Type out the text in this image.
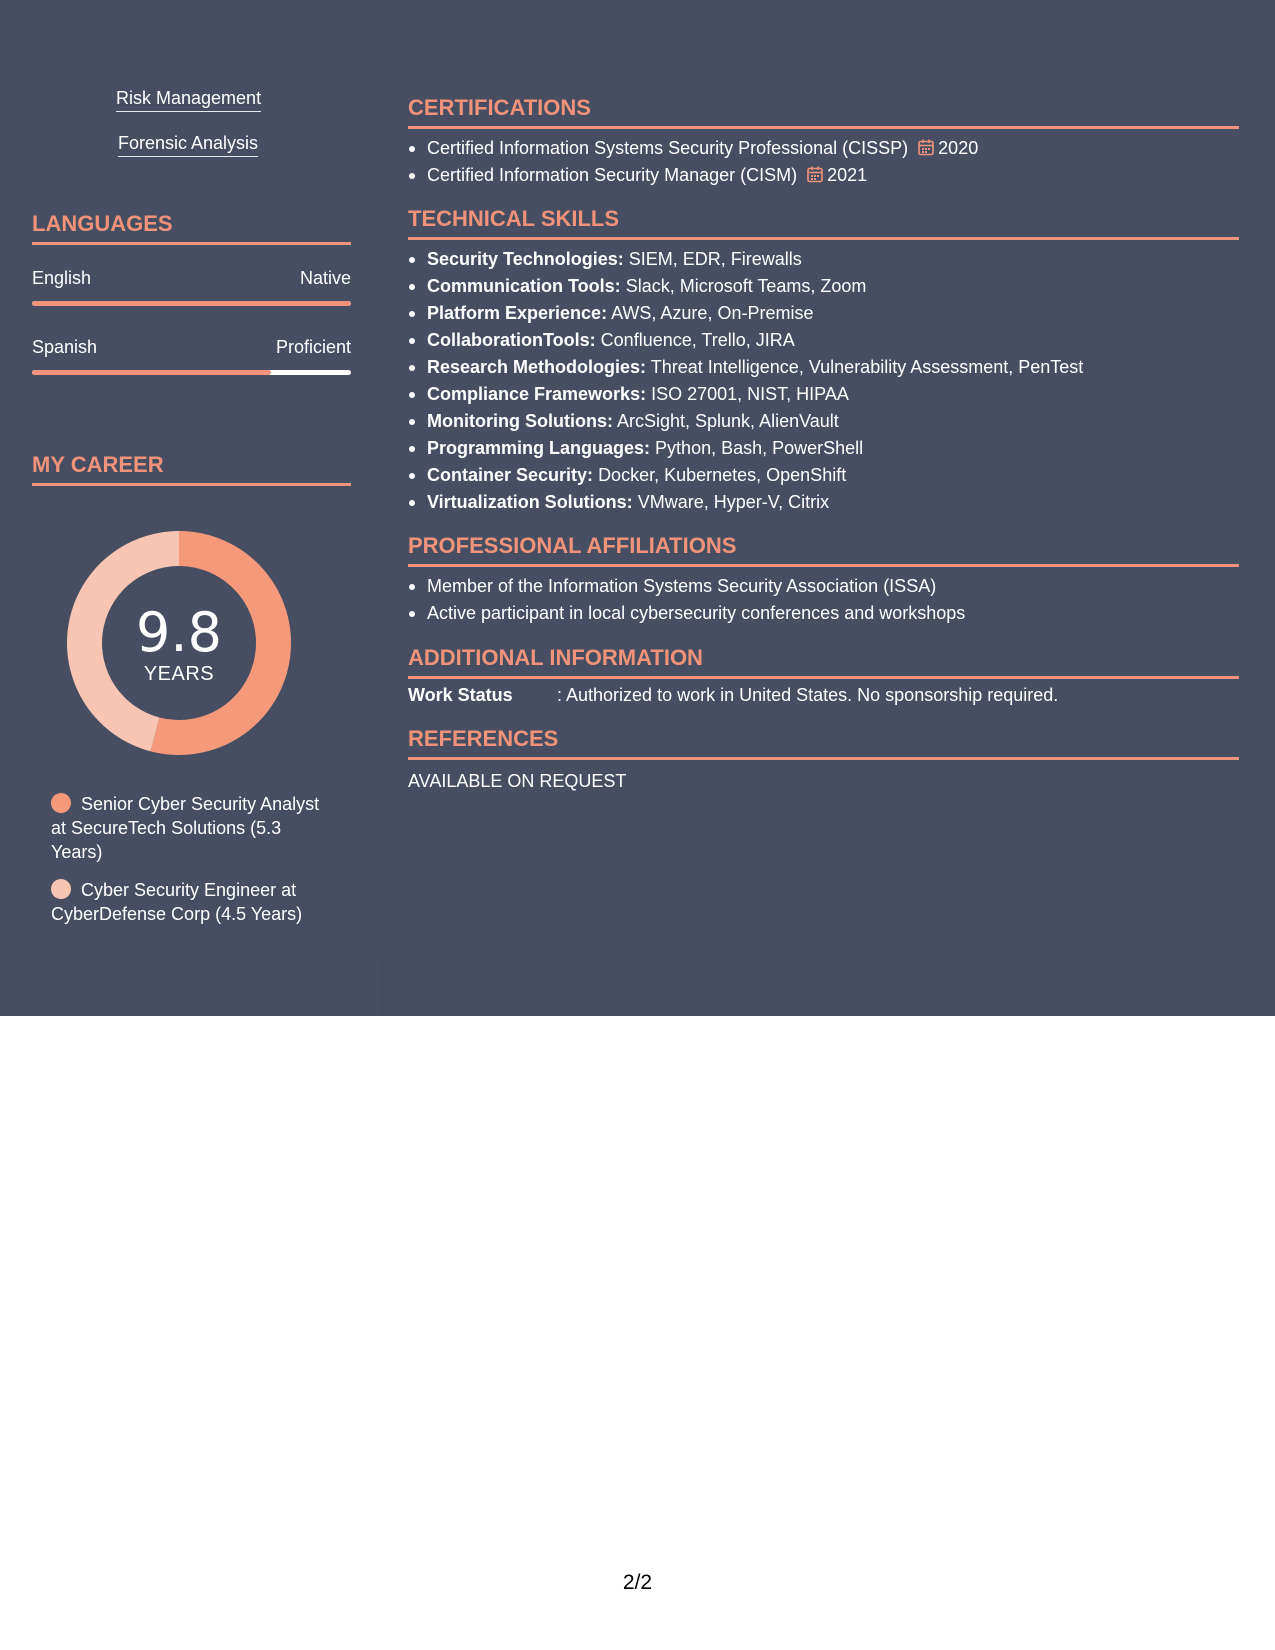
Risk Management
Forensic Analysis
LANGUAGES
English	Native
Spanish	Proficient
MY CAREER
9.8
YEARS
Senior Cyber Security Analyst at SecureTech Solutions (5.3 Years)
Cyber Security Engineer at CyberDefense Corp (4.5 Years)
CERTIFICATIONS
Certified Information Systems Security Professional (CISSP) 2020
Certified Information Security Manager (CISM) 2021
TECHNICAL SKILLS
Security Technologies: SIEM, EDR, Firewalls
Communication Tools: Slack, Microsoft Teams, Zoom
Platform Experience: AWS, Azure, On-Premise
CollaborationTools: Confluence, Trello, JIRA
Research Methodologies: Threat Intelligence, Vulnerability Assessment, PenTest
Compliance Frameworks: ISO 27001, NIST, HIPAA
Monitoring Solutions: ArcSight, Splunk, AlienVault
Programming Languages: Python, Bash, PowerShell
Container Security: Docker, Kubernetes, OpenShift
Virtualization Solutions: VMware, Hyper-V, Citrix
PROFESSIONAL AFFILIATIONS
Member of the Information Systems Security Association (ISSA)
Active participant in local cybersecurity conferences and workshops
ADDITIONAL INFORMATION
Work Status : Authorized to work in United States. No sponsorship required.
REFERENCES
AVAILABLE ON REQUEST
2/2
